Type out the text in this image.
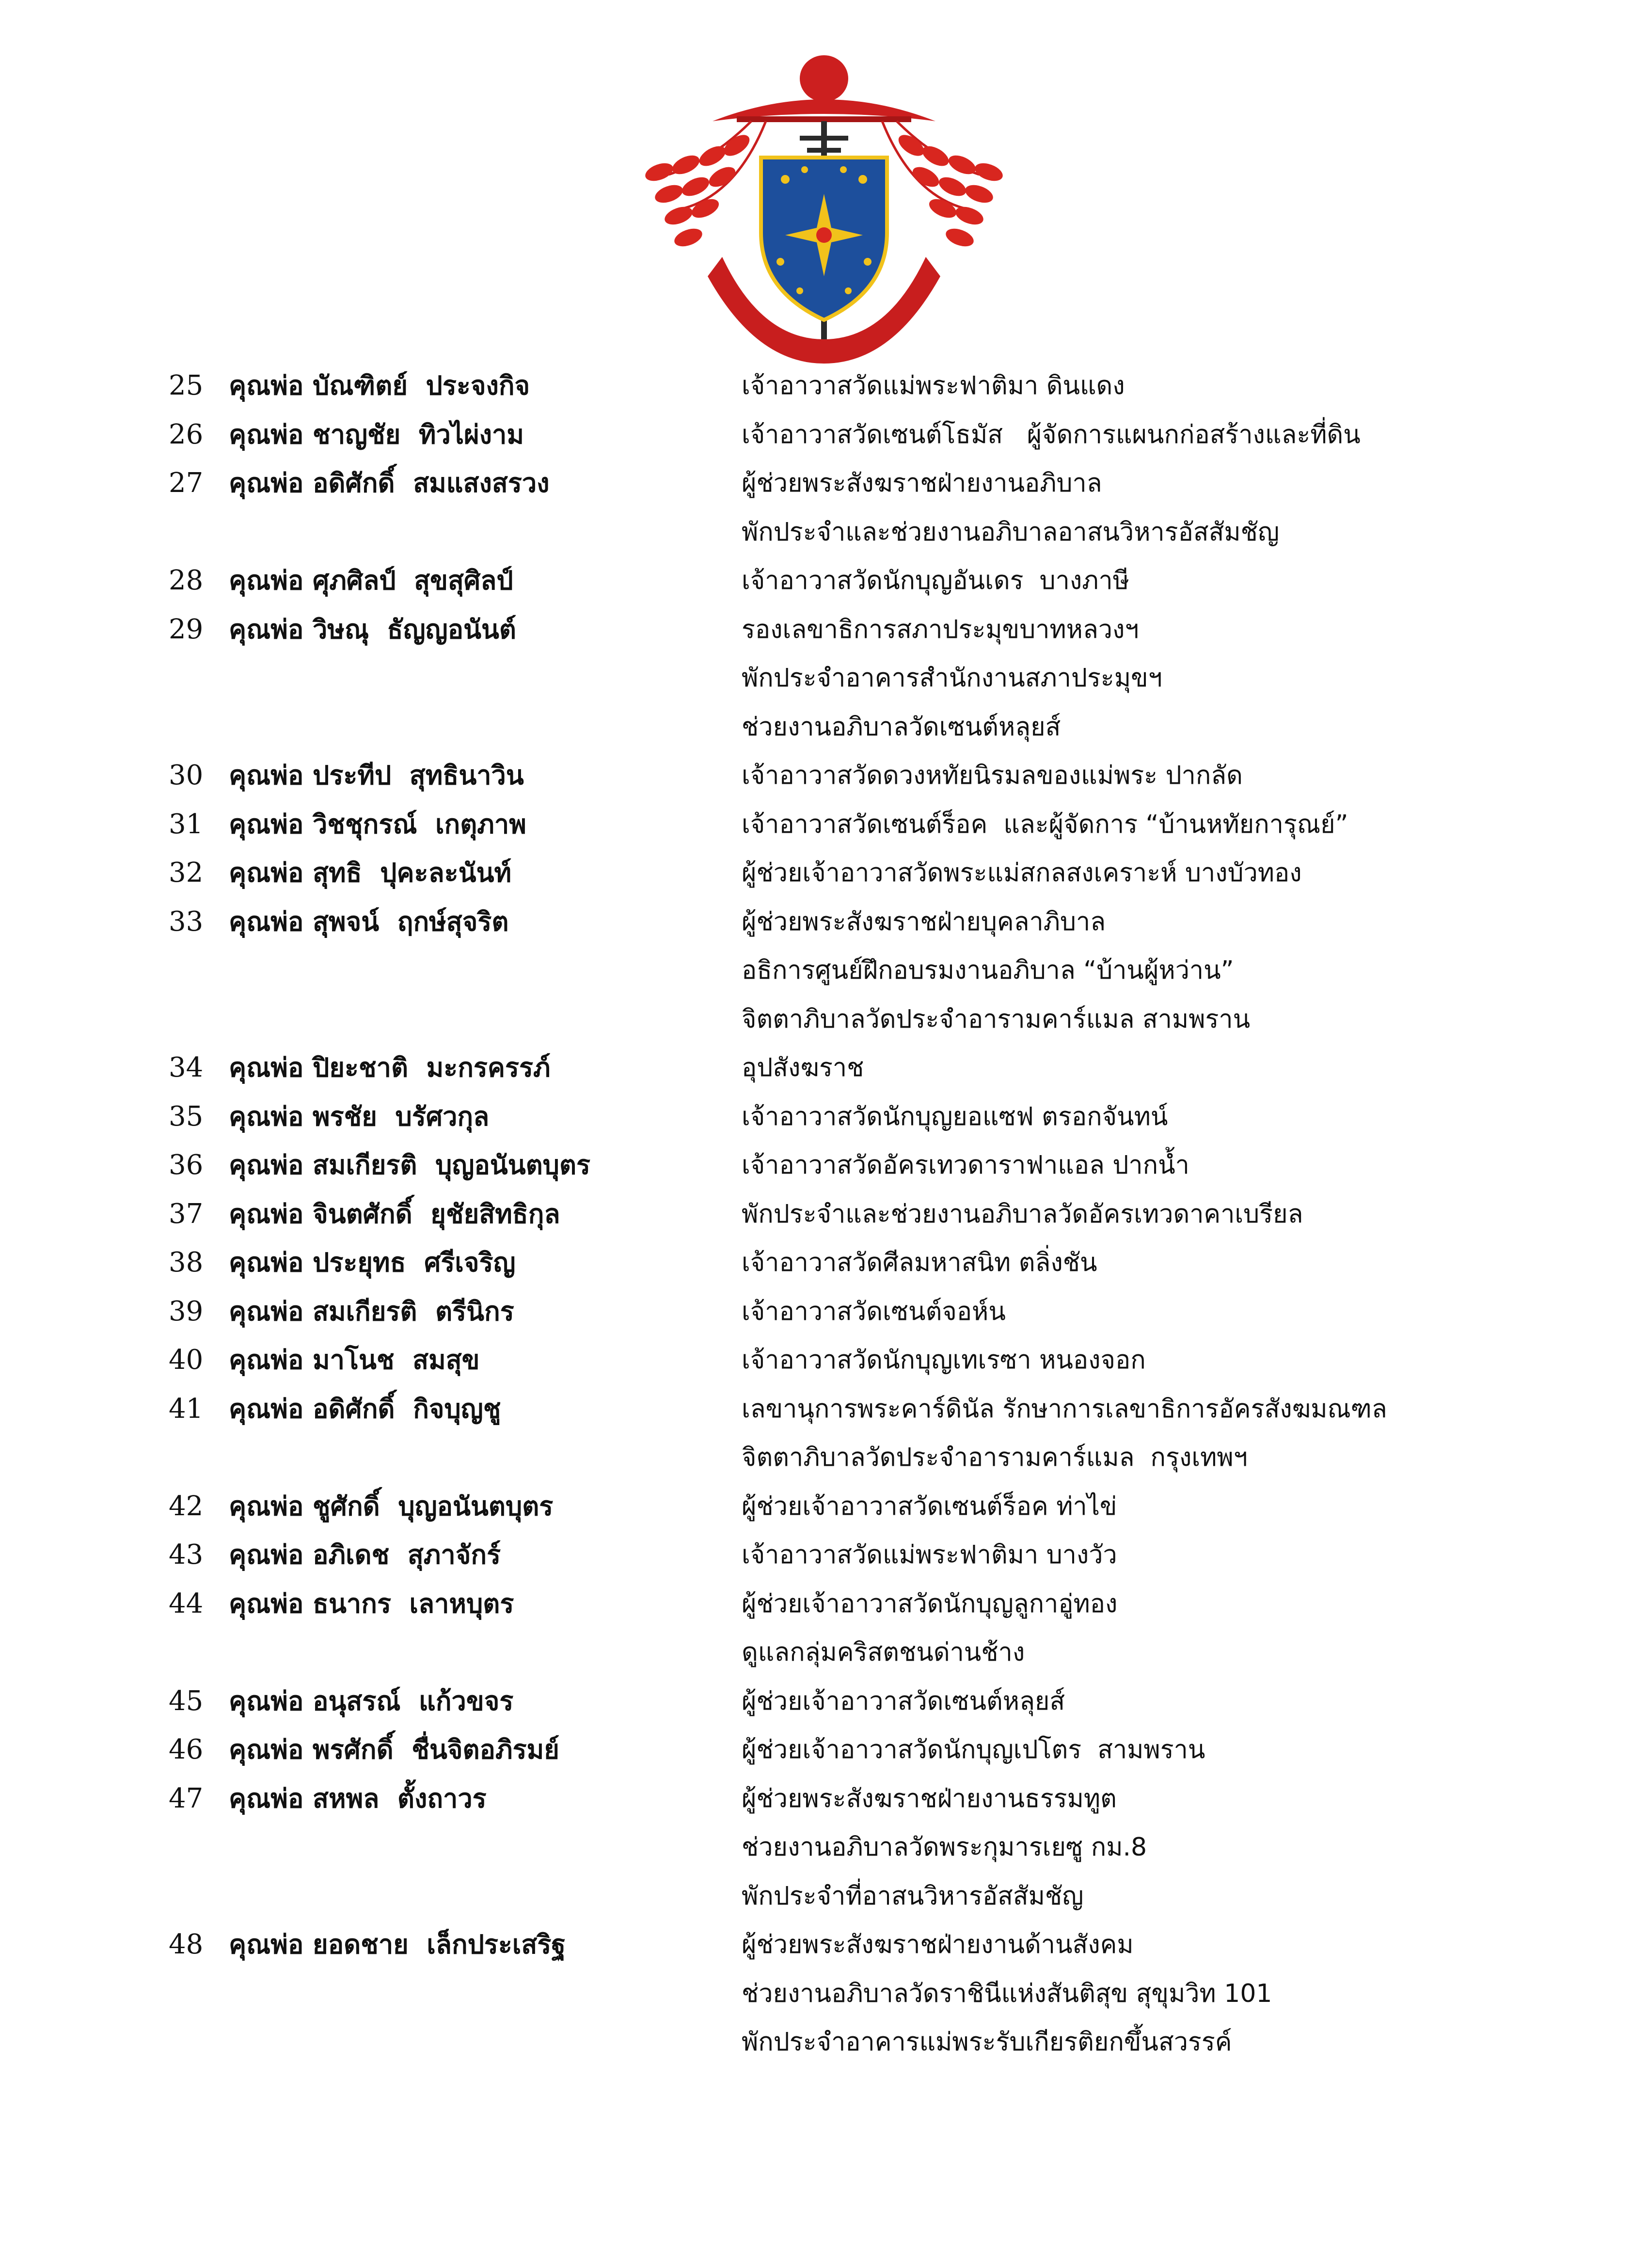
25 คุณพ่อ บัณฑิตย์  ประจงกิจ	เจ้าอาวาสวัดแม่พระฟาติมา ดินแดง
26 คุณพ่อ ชาญชัย  ทิวไผ่งาม	เจ้าอาวาสวัดเซนต์โธมัส   ผู้จัดการแผนกก่อสร้างและที่ดิน
27 คุณพ่อ อดิศักดิ์  สมแสงสรวง	ผู้ช่วยพระสังฆราชฝ่ายงานอภิบาล
พักประจำและช่วยงานอภิบาลอาสนวิหารอัสสัมชัญ
28 คุณพ่อ ศุภศิลป์  สุขสุศิลป์	เจ้าอาวาสวัดนักบุญอันเดร  บางภาษี
29 คุณพ่อ วิษณุ  ธัญญอนันต์	รองเลขาธิการสภาประมุขบาทหลวงฯ
พักประจำอาคารสำนักงานสภาประมุขฯ
ช่วยงานอภิบาลวัดเซนต์หลุยส์
30 คุณพ่อ ประทีป  สุทธินาวิน	เจ้าอาวาสวัดดวงหทัยนิรมลของแม่พระ ปากลัด
31 คุณพ่อ วิชชุกรณ์  เกตุภาพ	เจ้าอาวาสวัดเซนต์ร็อค  และผู้จัดการ “บ้านหทัยการุณย์”
32 คุณพ่อ สุทธิ  ปุคะละนันท์	ผู้ช่วยเจ้าอาวาสวัดพระแม่สกลสงเคราะห์ บางบัวทอง
33 คุณพ่อ สุพจน์  ฤกษ์สุจริต	ผู้ช่วยพระสังฆราชฝ่ายบุคลาภิบาล
อธิการศูนย์ฝึกอบรมงานอภิบาล “บ้านผู้หว่าน”
จิตตาภิบาลวัดประจำอารามคาร์แมล สามพราน
34 คุณพ่อ ปิยะชาติ  มะกรครรภ์	อุปสังฆราช
35 คุณพ่อ พรชัย  บรัศวกุล	เจ้าอาวาสวัดนักบุญยอแซฟ ตรอกจันทน์
36 คุณพ่อ สมเกียรติ  บุญอนันตบุตร	เจ้าอาวาสวัดอัครเทวดาราฟาแอล ปากน้ำ
37 คุณพ่อ จินตศักดิ์  ยุชัยสิทธิกุล	พักประจำและช่วยงานอภิบาลวัดอัครเทวดาคาเบรียล
38 คุณพ่อ ประยุทธ  ศรีเจริญ	เจ้าอาวาสวัดศีลมหาสนิท ตลิ่งชัน
39 คุณพ่อ สมเกียรติ  ตรีนิกร	เจ้าอาวาสวัดเซนต์จอห์น
40 คุณพ่อ มาโนช  สมสุข	เจ้าอาวาสวัดนักบุญเทเรซา หนองจอก
41 คุณพ่อ อดิศักดิ์  กิจบุญชู	เลขานุการพระคาร์ดินัล รักษาการเลขาธิการอัครสังฆมณฑล
จิตตาภิบาลวัดประจำอารามคาร์แมล  กรุงเทพฯ
42 คุณพ่อ ชูศักดิ์  บุญอนันตบุตร	ผู้ช่วยเจ้าอาวาสวัดเซนต์ร็อค ท่าไข่
43 คุณพ่อ อภิเดช  สุภาจักร์	เจ้าอาวาสวัดแม่พระฟาติมา บางวัว
44 คุณพ่อ ธนากร  เลาหบุตร	ผู้ช่วยเจ้าอาวาสวัดนักบุญลูกาอู่ทอง
ดูแลกลุ่มคริสตชนด่านช้าง
45 คุณพ่อ อนุสรณ์  แก้วขจร	ผู้ช่วยเจ้าอาวาสวัดเซนต์หลุยส์
46 คุณพ่อ พรศักดิ์  ชื่นจิตอภิรมย์	ผู้ช่วยเจ้าอาวาสวัดนักบุญเปโตร  สามพราน
47 คุณพ่อ สหพล  ตั้งถาวร	ผู้ช่วยพระสังฆราชฝ่ายงานธรรมทูต
ช่วยงานอภิบาลวัดพระกุมารเยซู กม.8
พักประจำที่อาสนวิหารอัสสัมชัญ
48 คุณพ่อ ยอดชาย  เล็กประเสริฐ	ผู้ช่วยพระสังฆราชฝ่ายงานด้านสังคม
ช่วยงานอภิบาลวัดราชินีแห่งสันติสุข สุขุมวิท 101
พักประจำอาคารแม่พระรับเกียรติยกขึ้นสวรรค์
